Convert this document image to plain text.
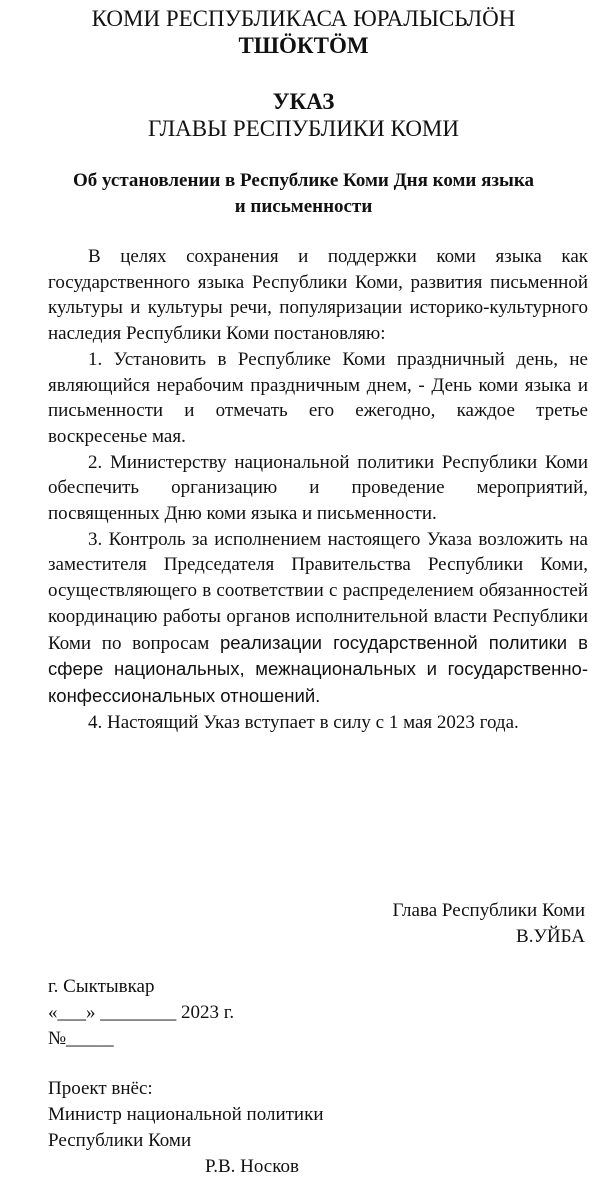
КОМИ РЕСПУБЛИКАСА ЮРАЛЫСЬЛÖН
ТШÖКТÖМ
УКАЗ
ГЛАВЫ РЕСПУБЛИКИ КОМИ
Об установлении в Республике Коми Дня коми языка
и письменности

В целях сохранения и поддержки коми языка как государственного языка Республики Коми, развития письменной культуры и культуры речи, популяризации историко-культурного наследия Республики Коми постановляю:

1. Установить в Республике Коми праздничный день, не являющийся нерабочим праздничным днем, - День коми языка и письменности и отмечать его ежегодно, каждое третье воскресенье мая.

2. Министерству национальной политики Республики Коми обеспечить организацию и проведение мероприятий, посвященных Дню коми языка и письменности.

3. Контроль за исполнением настоящего Указа возложить на заместителя Председателя Правительства Республики Коми, осуществляющего в соответствии с распределением обязанностей координацию работы органов исполнительной власти Республики Коми по вопросам реализации государственной политики в сфере национальных, межнациональных и государственно-конфессиональных отношений.

4. Настоящий Указ вступает в силу с 1 мая 2023 года.

Глава Республики Коми
В.УЙБА
г. Сыктывкар
«___» ________ 2023 г.
№_____
Проект внёс:
Министр национальной политики
Республики Коми
Р.В. Носков
